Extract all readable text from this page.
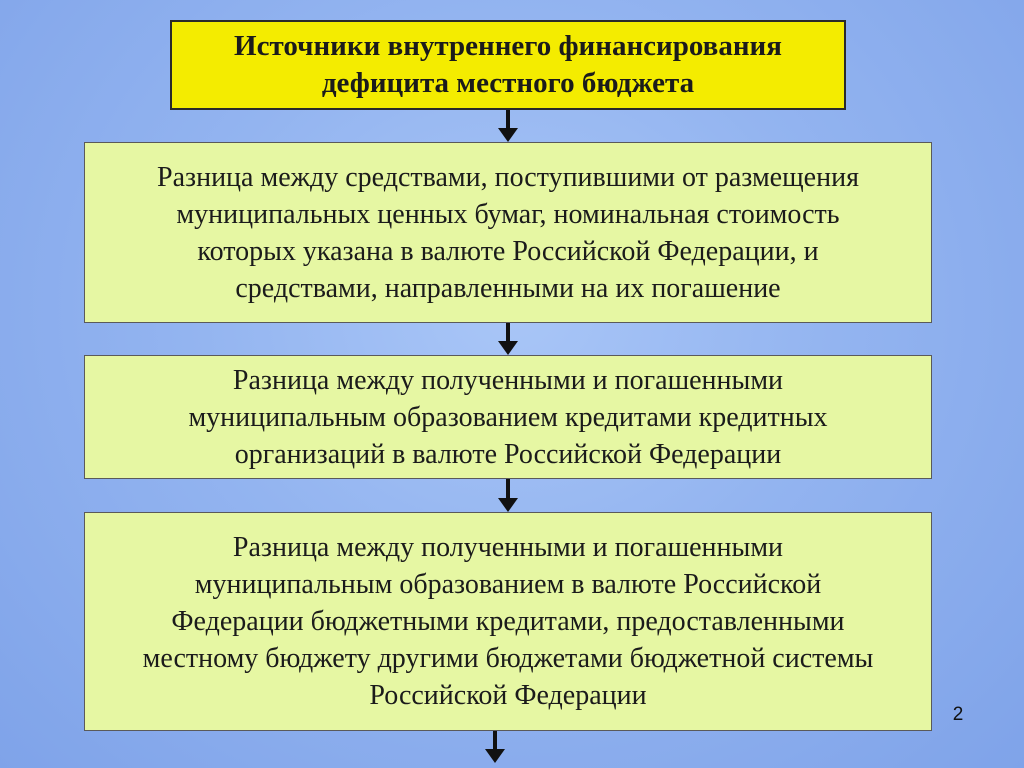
Источники внутреннего финансирования
дефицита местного бюджета
Разница между средствами, поступившими от размещения
муниципальных ценных бумаг, номинальная стоимость
которых указана в валюте Российской Федерации, и
средствами, направленными на их погашение
Разница между полученными и погашенными
муниципальным образованием кредитами кредитных
организаций в валюте Российской Федерации
Разница между полученными и погашенными
муниципальным образованием в валюте Российской
Федерации бюджетными кредитами, предоставленными
местному бюджету другими бюджетами бюджетной системы
Российской Федерации
2
